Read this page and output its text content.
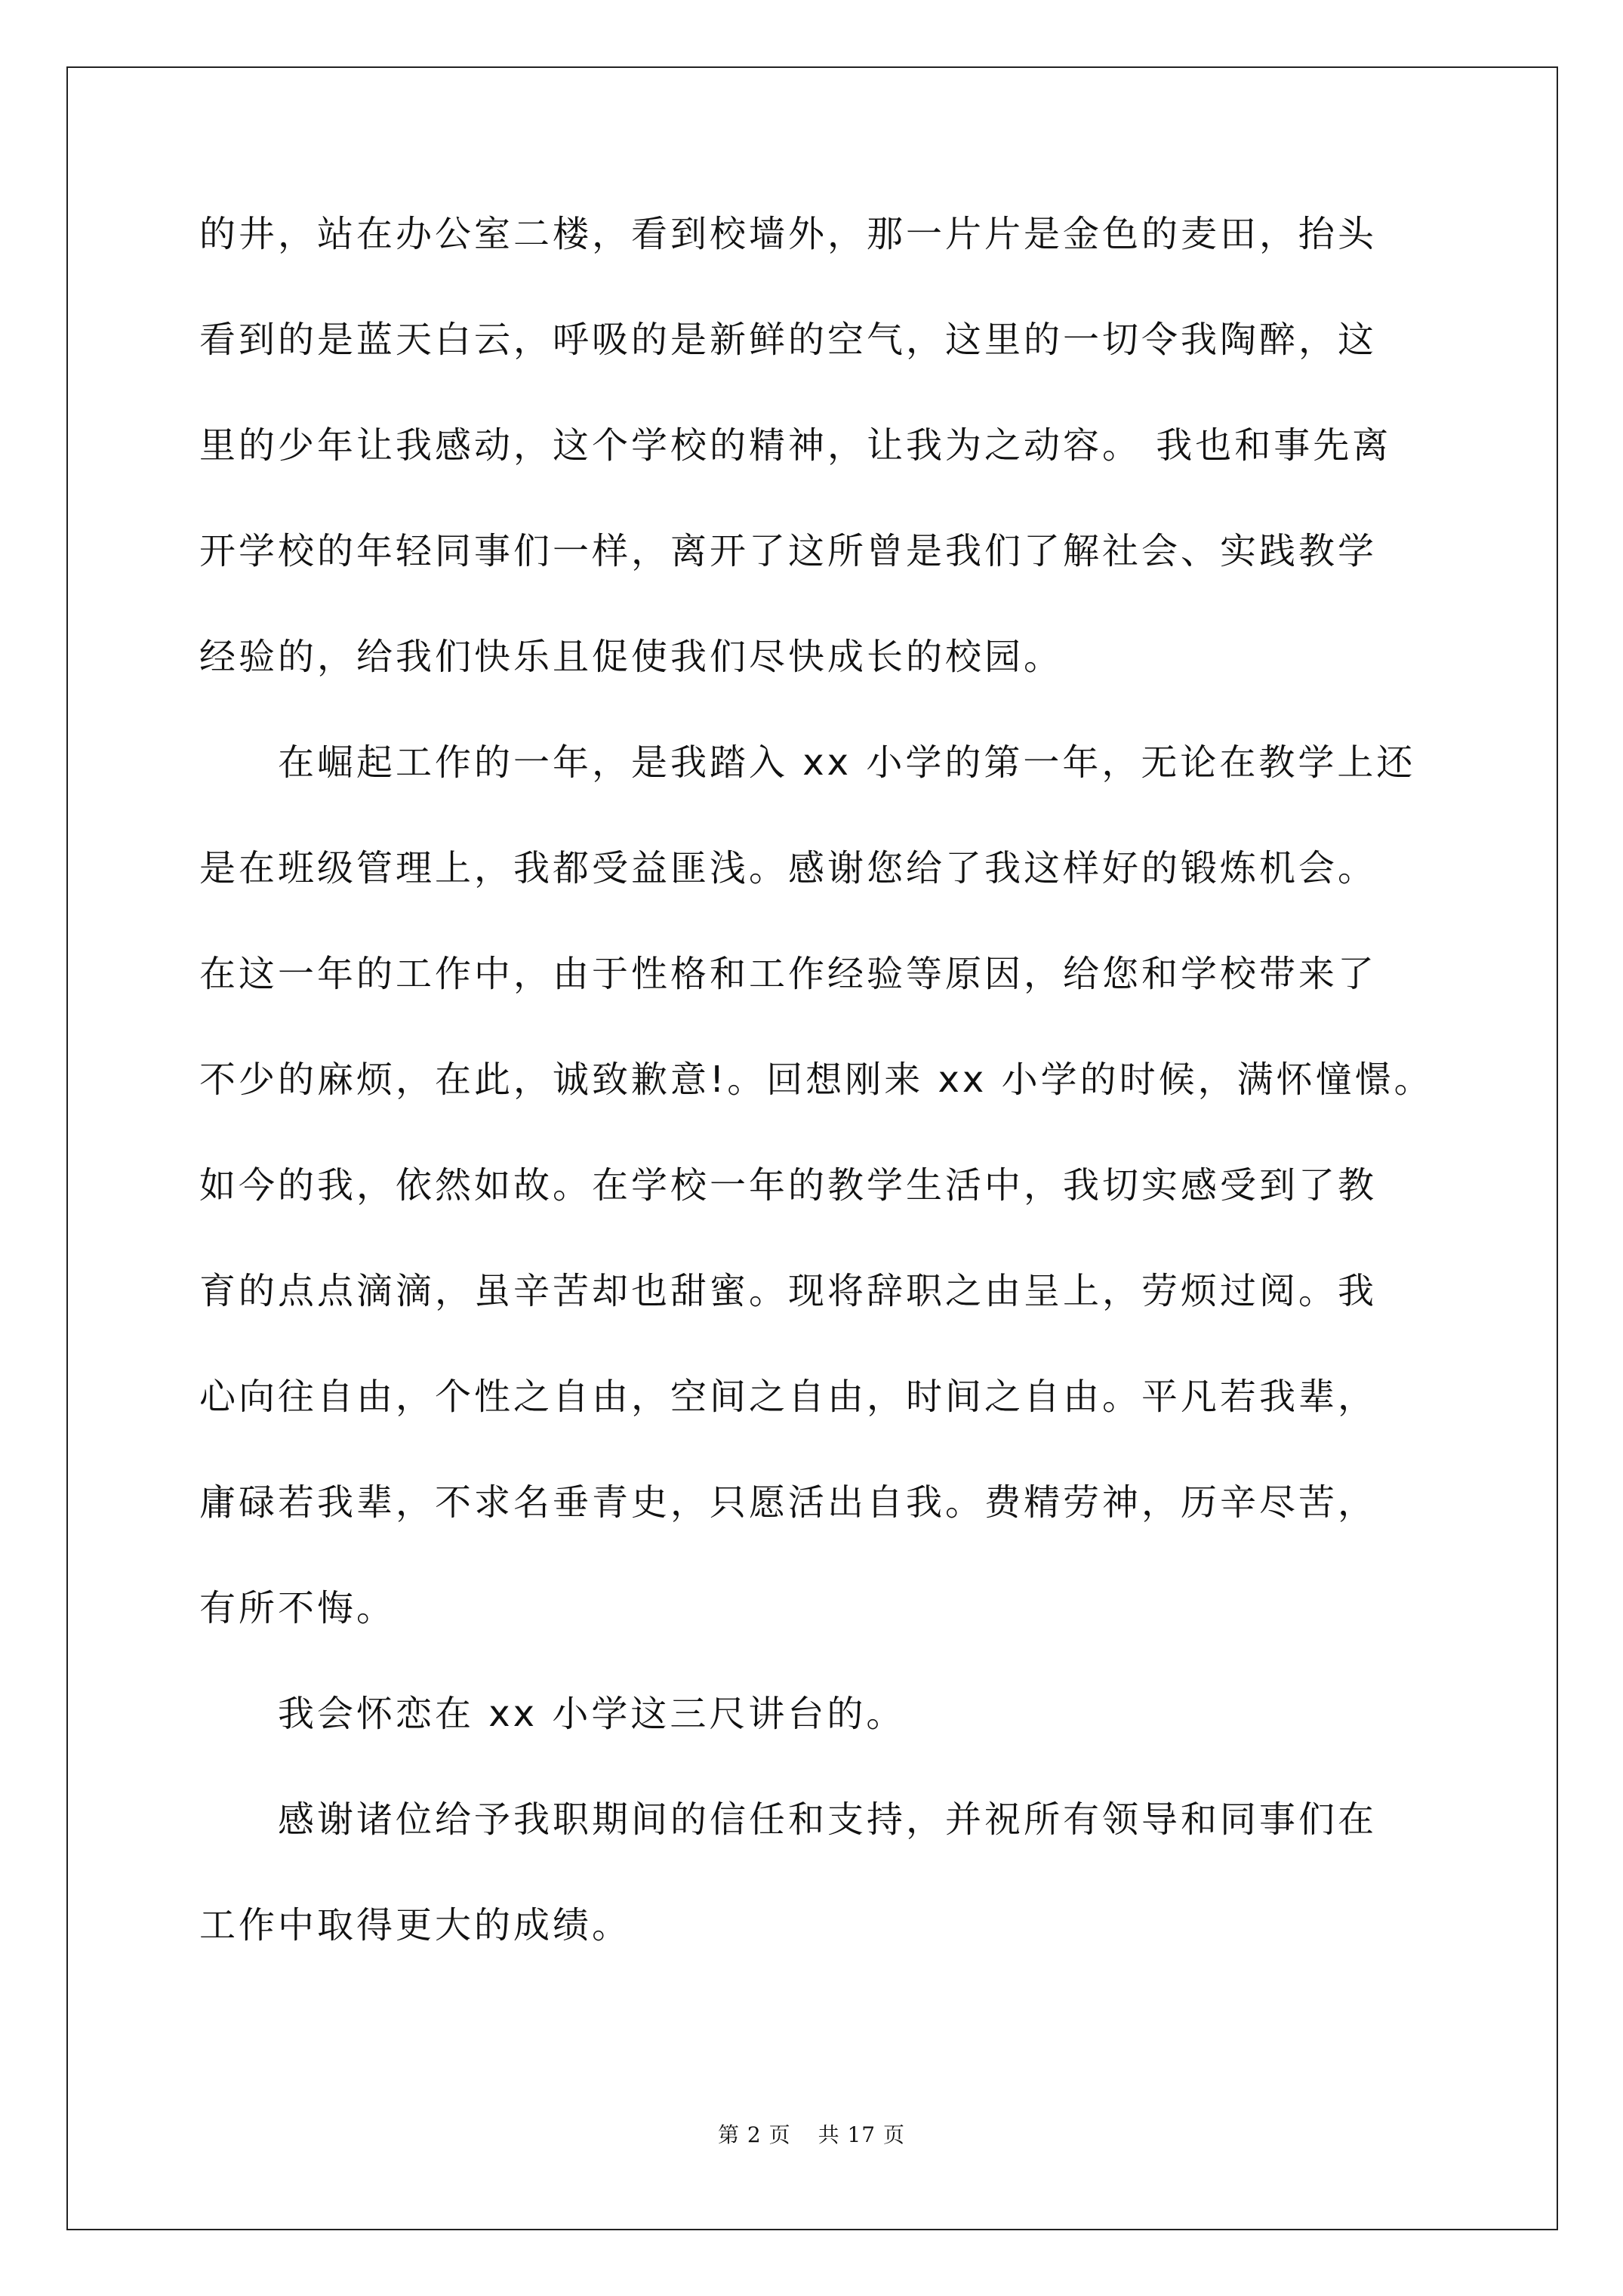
的井，站在办公室二楼，看到校墙外，那一片片是金色的麦田，抬头
看到的是蓝天白云，呼吸的是新鲜的空气，这里的一切令我陶醉，这
里的少年让我感动，这个学校的精神，让我为之动容。 我也和事先离
开学校的年轻同事们一样，离开了这所曾是我们了解社会、实践教学
经验的，给我们快乐且促使我们尽快成长的校园。
　　在崛起工作的一年，是我踏入 xx 小学的第一年，无论在教学上还
是在班级管理上，我都受益匪浅。感谢您给了我这样好的锻炼机会。
在这一年的工作中，由于性格和工作经验等原因，给您和学校带来了
不少的麻烦，在此，诚致歉意!。回想刚来 xx 小学的时候，满怀憧憬。
如今的我，依然如故。在学校一年的教学生活中，我切实感受到了教
育的点点滴滴，虽辛苦却也甜蜜。现将辞职之由呈上，劳烦过阅。我
心向往自由，个性之自由，空间之自由，时间之自由。平凡若我辈，
庸碌若我辈，不求名垂青史，只愿活出自我。费精劳神，历辛尽苦，
有所不悔。
　　我会怀恋在 xx 小学这三尺讲台的。
　　感谢诸位给予我职期间的信任和支持，并祝所有领导和同事们在
工作中取得更大的成绩。
第 2 页 共 17 页
